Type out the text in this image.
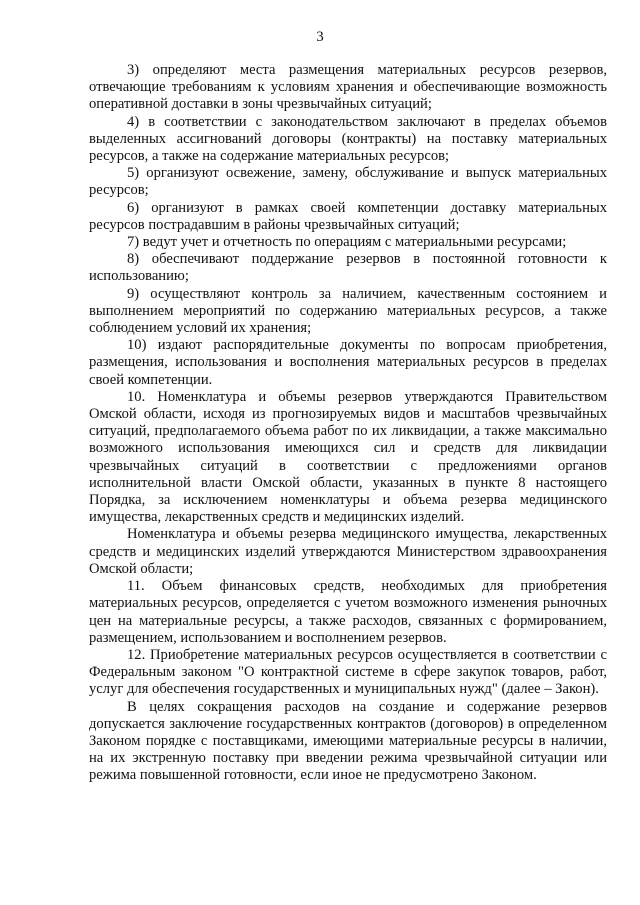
3

3) определяют места размещения материальных ресурсов резервов, отвечающие требованиям к условиям хранения и обеспечивающие возможность оперативной доставки в зоны чрезвычайных ситуаций;

4) в соответствии с законодательством заключают в пределах объемов выделенных ассигнований договоры (контракты) на поставку материальных ресурсов, а также на содержание материальных ресурсов;

5) организуют освежение, замену, обслуживание и выпуск материальных ресурсов;

6) организуют в рамках своей компетенции доставку материальных ресурсов пострадавшим в районы чрезвычайных ситуаций;

7) ведут учет и отчетность по операциям с материальными ресурсами;

8) обеспечивают поддержание резервов в постоянной готовности к использованию;

9) осуществляют контроль за наличием, качественным состоянием и выполнением мероприятий по содержанию материальных ресурсов, а также соблюдением условий их хранения;

10) издают распорядительные документы по вопросам приобретения, размещения, использования и восполнения материальных ресурсов в пределах своей компетенции.

10. Номенклатура и объемы резервов утверждаются Правительством Омской области, исходя из прогнозируемых видов и масштабов чрезвычайных ситуаций, предполагаемого объема работ по их ликвидации, а также максимально возможного использования имеющихся сил и средств для ликвидации чрезвычайных ситуаций в соответствии с предложениями органов исполнительной власти Омской области, указанных в пункте 8 настоящего Порядка, за исключением номенклатуры и объема резерва медицинского имущества, лекарственных средств и медицинских изделий.

Номенклатура и объемы резерва медицинского имущества, лекарственных средств и медицинских изделий утверждаются Министерством здравоохранения Омской области;

11. Объем финансовых средств, необходимых для приобретения материальных ресурсов, определяется с учетом возможного изменения рыночных цен на материальные ресурсы, а также расходов, связанных с формированием, размещением, использованием и восполнением резервов.

12. Приобретение материальных ресурсов осуществляется в соответствии с Федеральным законом "О контрактной системе в сфере закупок товаров, работ, услуг для обеспечения государственных и муниципальных нужд" (далее – Закон).

В целях сокращения расходов на создание и содержание резервов допускается заключение государственных контрактов (договоров) в определенном Законом порядке с поставщиками, имеющими материальные ресурсы в наличии, на их экстренную поставку при введении режима чрезвычайной ситуации или режима повышенной готовности, если иное не предусмотрено Законом.
